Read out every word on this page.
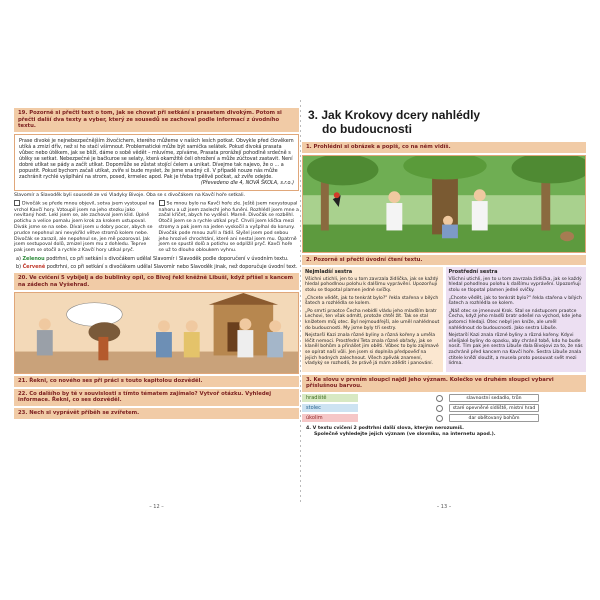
19. Pozorně si přečti text o tom, jak se chovat při setkání s prasetem divokým. Potom si přečti další dva texty a vyber, který ze sousedů se zachoval podle informací z úvodního textu.

Prase divoké je nejnebezpečnějším živočichem, kterého můžeme v našich lesích potkat. Obvykle před člověkem utíká a zmizí dřív, než si ho stačí všimnout. Problematické může být samička selátek. Pokud divoká prasata vůbec nebo útěkem, jak se bliží, dáme o sobě vědět – mluvíme, zpíváme, Prasata prorážejí pohodlně srdečně s útěky se setkat. Nebezpečné je bačkuroe se selaty, která okamžitě čeli ohrožení a může zúčtovat zastavit. Není dobré utíkat se pády a začít utíkat. Dopomůže se zůstat stojící čelem a unikat. Dívejme tak najevo, že o ... a popustit. Pokud bychom začali utíkat, zvíře si bude myslet, že jsme snadný cíl. V případě nouze nás může zachránit rychlé vyšplhání na strom, posed, krmelec apod. Pak je třeba trpělivě počkat, až zvíře odejde.

(Převedeno dle 4, NOVÁ ŠKOLA, s.r.o.)

Slavomír a Slavoděk byli sousedé ze vsi Vladyky Bivoje. Oba se s divočákem na Kavčí hoře setkali.
Divočák se přede mnou objevil, sotva jsem vystoupal na vrchol Kavčí hory. Vztoupil jsem na jeho stezku jako nevítaný host. Lekl jsem se, ale zachoval jsem klid. Úplně potichu a velice pomalu jsem krok za krokem ustupoval. Divák jsme se na sebe. Díval jsem u dobry pocor, abych se prudce nepohnul ani nevykřikl větve stromů kolem nebe. Divočák se zarazil, ale nepohnul se, jen mě pozoroval. Jak jsem sestupoval dolů, zmizel jsem mu z dohledu. Teprve pak jsem se otočil a rychle z Kavčí hory utíkal pryč.
Se mnou bylo na Kavčí hoře zle. Ještě jsem nevystoupal nahoru a už jsem zaslechl jeho funění. Rozhlédl jsem mne a začal křičet, abych ho vyděsil. Marně. Divočák se rozběhl. Otočil jsem se a rychle utíkal pryč. Chvíli jsem klička mezi stromy a pak jsem na jeden vyskočil a vyšplhal do koruny. Divočák pode mnou zuřil a řádil. Slyšel jsem pod sebou jeho hrozivé chrochtání, které ani nestal jsem mu. Opatrně jsem se spustil dolů a potichu se odplížil pryč. Kavčí hoře se už to dlouho obloukem vyhnu.
a) Zelenou podtrhni, co při setkání s divočákem udělal Slavomír i Slavoděk podle doporučení v úvodním textu.
b) Červeně podtrhni, co při setkání s divočákem udělal Slavomír nebo Slavoděk jinak, než doporučuje úvodní text.
20. Ve cvičení 5 vybíjelj a do bublinky opíl, co Bivoj řekl kněžně Libuši, když přišel s kancem na zádech na Vyšehrad.
21. Řekni, co nového ses při práci s touto kapitolou dozvěděl.
22. Co dalšího by tě v souvislosti s tímto tématem zajímalo? Vytvoř otázku. Vyhledej informace. Řekni, co ses dozvěděl.
23. Nech si vyprávět příběh se zvířetem.
– 12 –
3. Jak Krokovy dcery nahlédly
do budoucnosti
1. Prohlédni si obrázek a popiš, co na něm vidíš.
2. Pozorně si přečti úvodní čtení textu.
Nejmladší sestra

Všichni utichli, jen to u tom zavrzala židlička, jak se každý hledal pohodlnou polohu k dalšímu vyprávění. Upozorňuji stolu se tlopotal plamen jedné svíčky.

„Chcete vědět, jak to tenkrát bylo?" řekla stařena v bílých šatech a rozhlédla se kolem.

„Po smrti praotce Čecha nebídli vládu jeho mladším bratr Lechovi, ten však odmítl, protože chtěl žít. Tak se stal knížetem můj otec. Byl nejmoudřejší, ale uměl nahlédnout do budoucnosti. My jsme byly tři sestry.

Nejstarší Kazi znala různé byliny a různá kořeny a uměla léčit nemoci. Prostřední Teta znala různé obřady, jak se klaněl bohům a přinášet jim oběti. Vůbec to bylo zajímavé se opírat naší vůli. Jen jsem si doplnila předpověď na jejich hodných zalechnout. Všech zpěvák znamení, vladyký se rozhodli, že právě já mám zdědit i panování.

Prostřední sestra

Všichni utichli, jen to u tom zavrzala židlička, jak se každý hledal pohodlnou polohu k dalšímu vyprávění. Upozorňuji stolu se tlopotal plamen jedné svíčky.

„Chcete vědět, jak to tenkrát bylo?" řekla stařena v bílých šatech a rozhlédla se kolem.

„Náš otec se jmenoval Krok. Stal se nástupcem praotce Čecha, když jeho mladší bratr odešel na východ, kde jeho potomci hledají. Otec nebyl jen kníže, ale uměl nahlédnout do budoucnosti. Jako sestra Libuše.

Nejstarší Kazi znala různé byliny a různá kořeny. Kdyvi všelijaké byliny do opasku, aby chránil tobě, kdo ho bude nosit. Tím pak jen sestra Libuše dala Bivojovi za to, že nás zachránil před kancem na Kavčí hoře. Sestra Libuše znala ctitele kněží sloužit, a musela proto posouvat svět mezi lidma.

3. Ke slovu v prvním sloupci najdi jeho význam. Kolečko ve druhém sloupci vybarvi příslušnou barvou.
hradiště	slavnostní sedadlo, trůn
stolec	staré opevněné sídliště, místní hrad
úkolim	dar obětovaný bohům
4. V textu cvičení 2 podtrhni další slova, kterým nerozumíš.
Společně vyhledejte jejich význam (ve slovníku, na internetu apod.).
– 13 –
